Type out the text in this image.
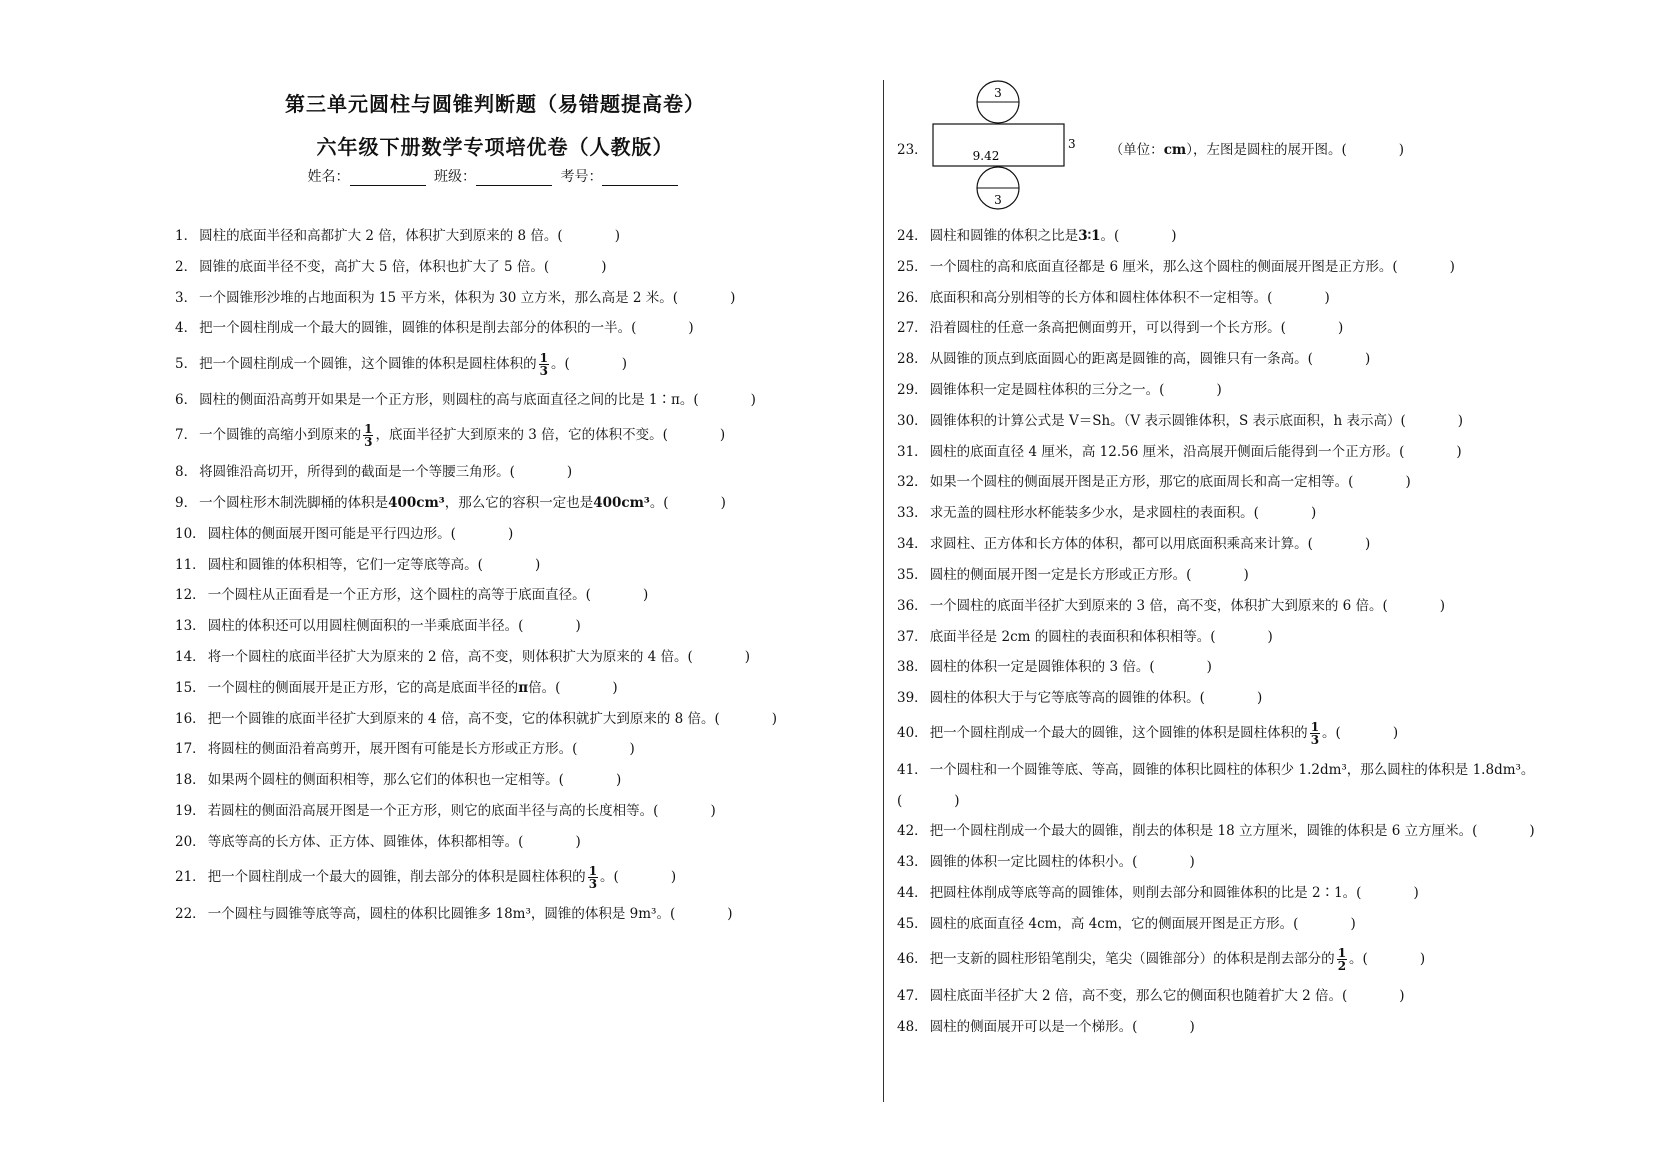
第三单元圆柱与圆锥判断题（易错题提高卷）
六年级下册数学专项培优卷（人教版）
姓名：	班级：	考号：
1． 圆柱的底面半径和高都扩大 2 倍，体积扩大到原来的 8 倍。(	)
2． 圆锥的底面半径不变，高扩大 5 倍，体积也扩大了 5 倍。(	)
3． 一个圆锥形沙堆的占地面积为 15 平方米，体积为 30 立方米，那么高是 2 米。(	)
4． 把一个圆柱削成一个最大的圆锥，圆锥的体积是削去部分的体积的一半。(	)
5． 把一个圆柱削成一个圆锥，这个圆锥的体积是圆柱体积的 $\frac{1}{3}$ 。(	)
6． 圆柱的侧面沿高剪开如果是一个正方形，则圆柱的高与底面直径之间的比是 1∶π。(	)
7． 一个圆锥的高缩小到原来的 $\frac{1}{3}$ ，底面半径扩大到原来的 3 倍，它的体积不变。(	)
8． 将圆锥沿高切开，所得到的截面是一个等腰三角形。(	)
9． 一个圆柱形木制洗脚桶的体积是400cm³，那么它的容积一定也是400cm³。(	)
10． 圆柱体的侧面展开图可能是平行四边形。(	)
11． 圆柱和圆锥的体积相等，它们一定等底等高。(	)
12． 一个圆柱从正面看是一个正方形，这个圆柱的高等于底面直径。(	)
13． 圆柱的体积还可以用圆柱侧面积的一半乘底面半径。(	)
14． 将一个圆柱的底面半径扩大为原来的 2 倍，高不变，则体积扩大为原来的 4 倍。(	)
15． 一个圆柱的侧面展开是正方形，它的高是底面半径的π倍。(	)
16． 把一个圆锥的底面半径扩大到原来的 4 倍，高不变，它的体积就扩大到原来的 8 倍。(	)
17． 将圆柱的侧面沿着高剪开，展开图有可能是长方形或正方形。(	)
18． 如果两个圆柱的侧面积相等，那么它们的体积也一定相等。(	)
19． 若圆柱的侧面沿高展开图是一个正方形，则它的底面半径与高的长度相等。(	)
20． 等底等高的长方体、正方体、圆锥体，体积都相等。(	)
21． 把一个圆柱削成一个最大的圆锥，削去部分的体积是圆柱体积的 $\frac{1}{3}$ 。(	)
22． 一个圆柱与圆锥等底等高，圆柱的体积比圆锥多 18m³，圆锥的体积是 9m³。(	)
3
9.42
3
3
23．	（单位：cm），左图是圆柱的展开图。(	)
24． 圆柱和圆锥的体积之比是3∶1。(	)
25． 一个圆柱的高和底面直径都是 6 厘米，那么这个圆柱的侧面展开图是正方形。(	)
26． 底面积和高分别相等的长方体和圆柱体体积不一定相等。(	)
27． 沿着圆柱的任意一条高把侧面剪开，可以得到一个长方形。(	)
28． 从圆锥的顶点到底面圆心的距离是圆锥的高，圆锥只有一条高。(	)
29． 圆锥体积一定是圆柱体积的三分之一。(	)
30． 圆锥体积的计算公式是 V＝Sh。（V 表示圆锥体积，S 表示底面积，h 表示高）(	)
31． 圆柱的底面直径 4 厘米，高 12.56 厘米，沿高展开侧面后能得到一个正方形。(	)
32． 如果一个圆柱的侧面展开图是正方形，那它的底面周长和高一定相等。(	)
33． 求无盖的圆柱形水杯能装多少水，是求圆柱的表面积。(	)
34． 求圆柱、正方体和长方体的体积，都可以用底面积乘高来计算。(	)
35． 圆柱的侧面展开图一定是长方形或正方形。(	)
36． 一个圆柱的底面半径扩大到原来的 3 倍，高不变，体积扩大到原来的 6 倍。(	)
37． 底面半径是 2cm 的圆柱的表面积和体积相等。(	)
38． 圆柱的体积一定是圆锥体积的 3 倍。(	)
39． 圆柱的体积大于与它等底等高的圆锥的体积。(	)
40． 把一个圆柱削成一个最大的圆锥，这个圆锥的体积是圆柱体积的 $\frac{1}{3}$ 。(	)
41． 一个圆柱和一个圆锥等底、等高，圆锥的体积比圆柱的体积少 1.2dm³，那么圆柱的体积是 1.8dm³。
(	)
42． 把一个圆柱削成一个最大的圆锥，削去的体积是 18 立方厘米，圆锥的体积是 6 立方厘米。(	)
43． 圆锥的体积一定比圆柱的体积小。(	)
44． 把圆柱体削成等底等高的圆锥体，则削去部分和圆锥体积的比是 2∶1。(	)
45． 圆柱的底面直径 4cm，高 4cm，它的侧面展开图是正方形。(	)
46． 把一支新的圆柱形铅笔削尖，笔尖（圆锥部分）的体积是削去部分的 $\frac{1}{2}$ 。(	)
47． 圆柱底面半径扩大 2 倍，高不变，那么它的侧面积也随着扩大 2 倍。(	)
48． 圆柱的侧面展开可以是一个梯形。(	)
